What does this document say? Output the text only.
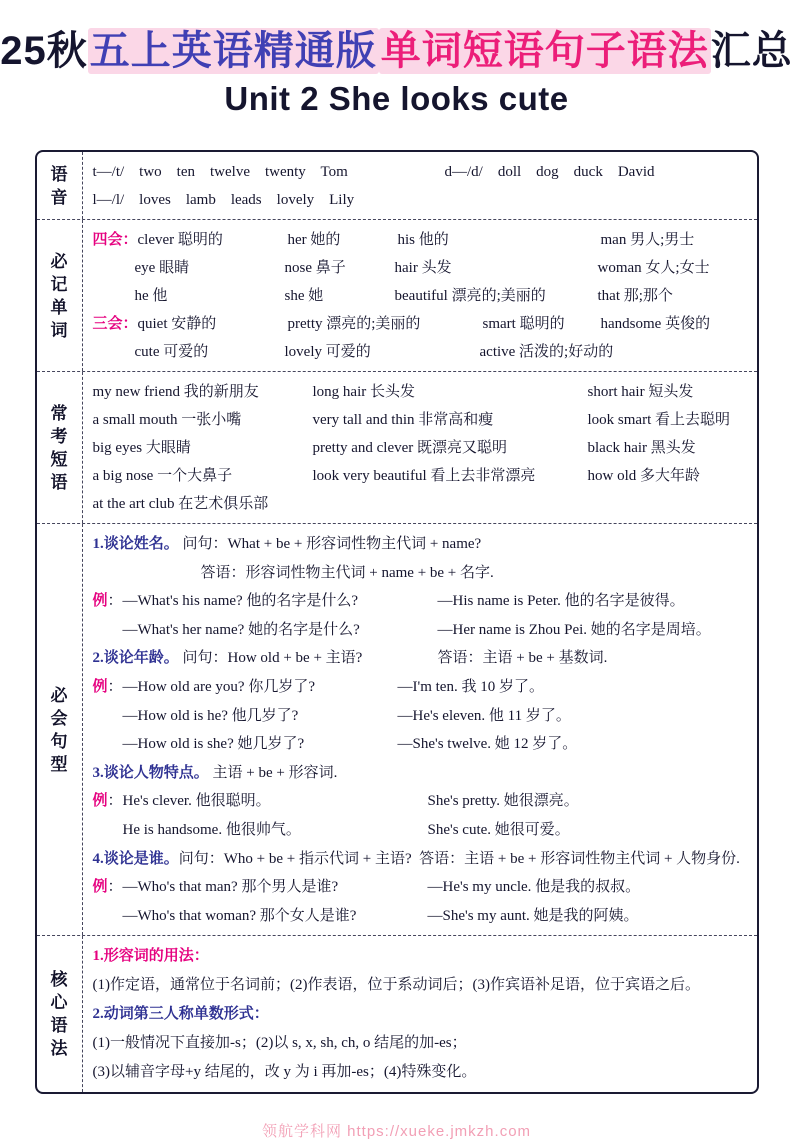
25秋五上英语精通版 单词短语句子语法汇总
Unit 2 She looks cute
语
音
t—/t/    two    ten    twelve    twenty    Tom	d—/d/    doll    dog    duck    David
l—/l/    loves    lamb    leads    lovely    Lily
必
记
单
词
四会： clever 聪明的	her 她的	his 他的	man 男人;男士
eye 眼睛	nose 鼻子	hair 头发	woman 女人;女士
he 他	she 她	beautiful 漂亮的;美丽的	that 那;那个
三会： quiet 安静的	pretty 漂亮的;美丽的	smart 聪明的	handsome 英俊的
cute 可爱的	lovely 可爱的	active 活泼的;好动的
常
考
短
语
my new friend 我的新朋友	long hair 长头发	short hair 短头发
a small mouth 一张小嘴	very tall and thin 非常高和瘦	look smart 看上去聪明
big eyes 大眼睛	pretty and clever 既漂亮又聪明	black hair 黑头发
a big nose 一个大鼻子	look very beautiful 看上去非常漂亮	how old 多大年龄
at the art club 在艺术俱乐部
必
会
句
型
1.谈论姓名。 问句：What + be + 形容词性物主代词 + name?
答语：形容词性物主代词 + name + be + 名字.
例：—What's his name? 他的名字是什么?	—His name is Peter. 他的名字是彼得。
—What's her name? 她的名字是什么?	—Her name is Zhou Pei. 她的名字是周培。
2.谈论年龄。 问句：How old + be + 主语?	答语：主语 + be + 基数词.
例：—How old are you? 你几岁了?	—I'm ten. 我 10 岁了。
—How old is he? 他几岁了?	—He's eleven. 他 11 岁了。
—How old is she? 她几岁了?	—She's twelve. 她 12 岁了。
3.谈论人物特点。 主语 + be + 形容词.
例：He's clever. 他很聪明。	She's pretty. 她很漂亮。
He is handsome. 他很帅气。	She's cute. 她很可爱。
4.谈论是谁。问句：Who + be + 指示代词 + 主语?  答语：主语 + be + 形容词性物主代词 + 人物身份.
例：—Who's that man? 那个男人是谁?	—He's my uncle. 他是我的叔叔。
—Who's that woman? 那个女人是谁?	—She's my aunt. 她是我的阿姨。
核
心
语
法
1.形容词的用法：
(1)作定语，通常位于名词前；(2)作表语，位于系动词后；(3)作宾语补足语，位于宾语之后。
2.动词第三人称单数形式：
(1)一般情况下直接加-s；(2)以 s, x, sh, ch, o 结尾的加-es；
(3)以辅音字母+y 结尾的，改 y 为 i 再加-es；(4)特殊变化。
领航学科网 https://xueke.jmkzh.com
